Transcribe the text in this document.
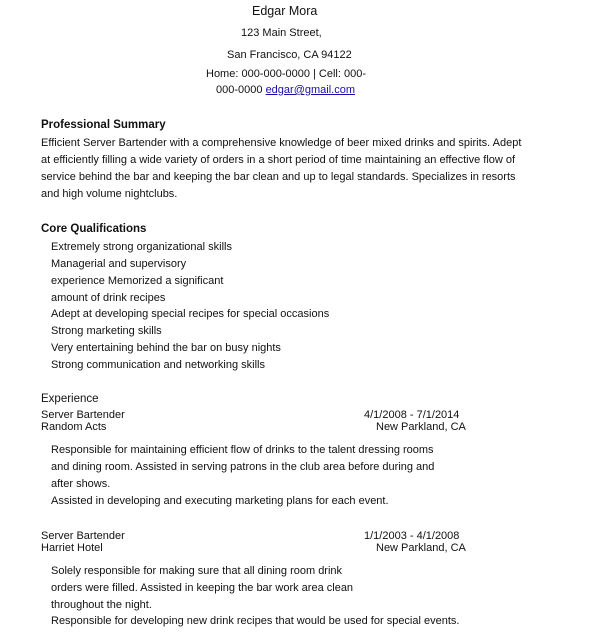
Edgar Mora
123 Main Street,
San Francisco, CA 94122
Home: 000-000-0000 | Cell: 000-
000-0000 edgar@gmail.com
Professional Summary
Efficient Server Bartender with a comprehensive knowledge of beer mixed drinks and spirits. Adept
at efficiently filling a wide variety of orders in a short period of time maintaining an effective flow of
service behind the bar and keeping the bar clean and up to legal standards. Specializes in resorts
and high volume nightclubs.
Core Qualifications
Extremely strong organizational skills
Managerial and supervisory
experience Memorized a significant
amount of drink recipes
Adept at developing special recipes for special occasions
Strong marketing skills
Very entertaining behind the bar on busy nights
Strong communication and networking skills
Experience
Server Bartender
Random Acts
4/1/2008 - 7/1/2014
New Parkland, CA
Responsible for maintaining efficient flow of drinks to the talent dressing rooms
and dining room. Assisted in serving patrons in the club area before during and
after shows.
Assisted in developing and executing marketing plans for each event.
Server Bartender
Harriet Hotel
1/1/2003 - 4/1/2008
New Parkland, CA
Solely responsible for making sure that all dining room drink
orders were filled. Assisted in keeping the bar work area clean
throughout the night.
Responsible for developing new drink recipes that would be used for special events.
